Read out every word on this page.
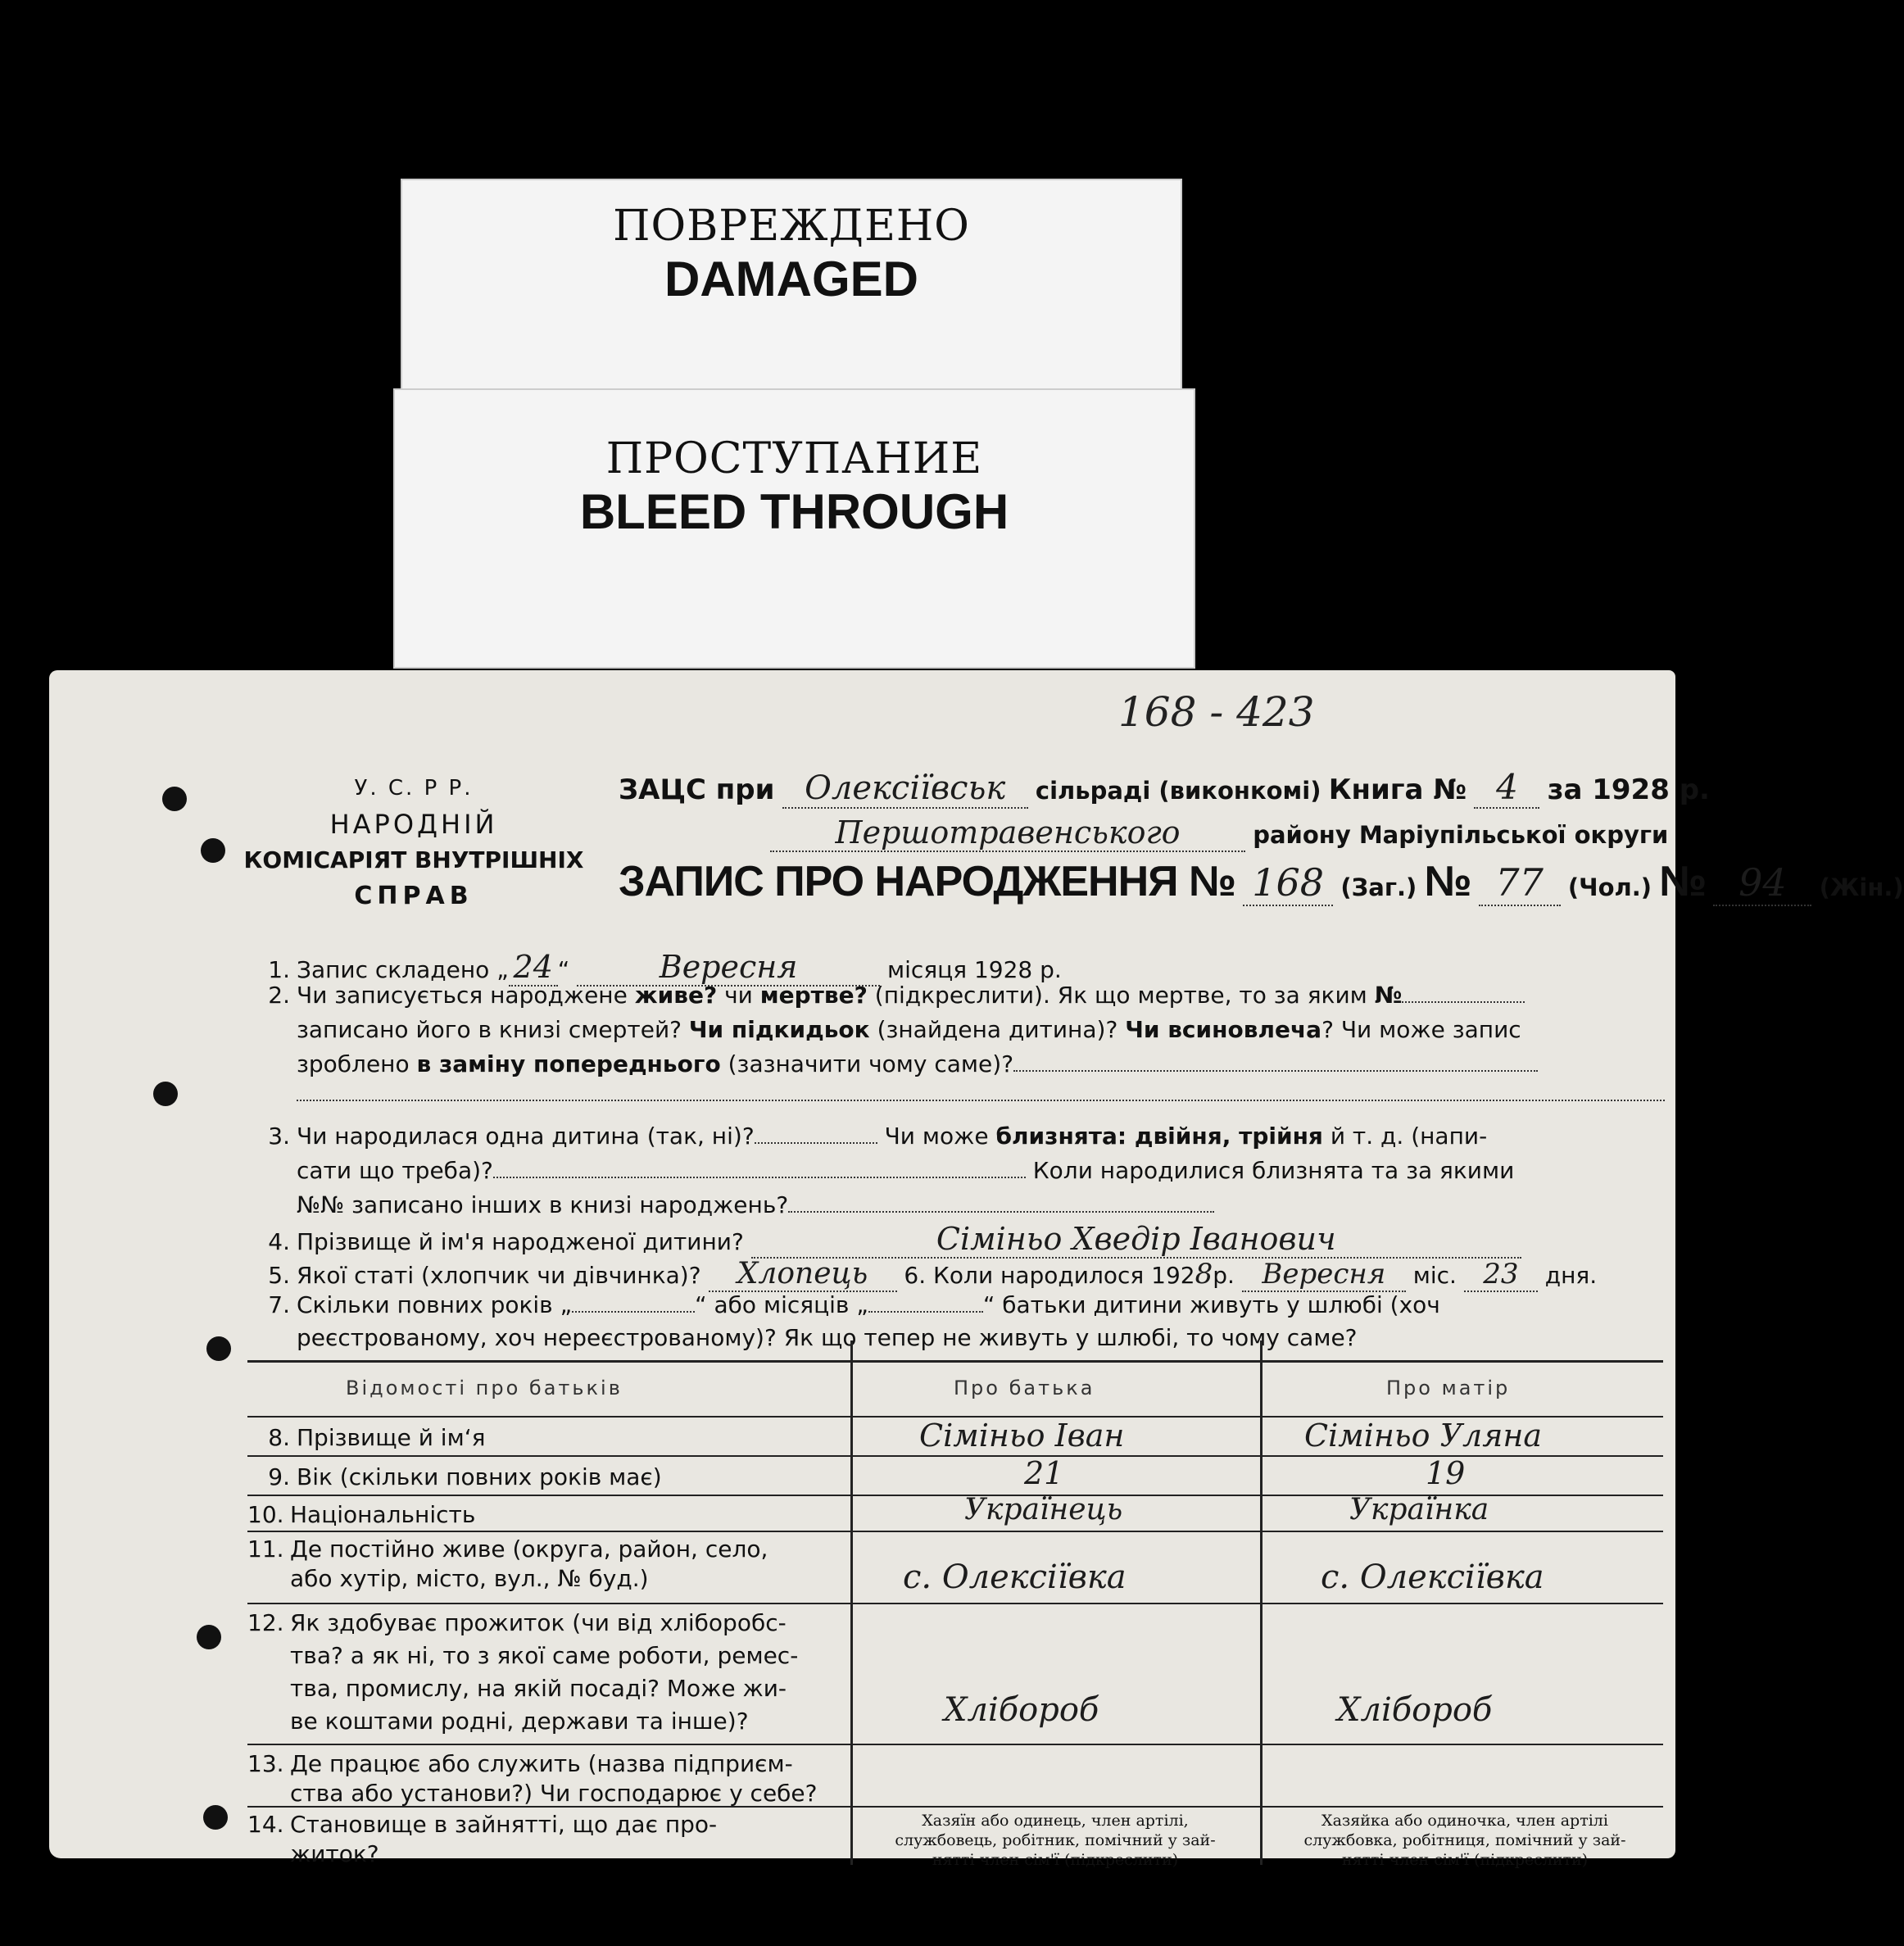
ПОВРЕЖДЕНО
DAMAGED
ПРОСТУПАНИЕ
BLEED THROUGH
168 - 423
У. С. Р Р.
НАРОДНІЙ
КОМІСАРІЯТ ВНУТРІШНІХ
СПРАВ
ЗАЦС при Олексіївськ сільраді (виконкомі) Книга № 4 за 1928 р.
Першотравенського	району Маріупільської округи
ЗАПИС ПРО НАРОДЖЕННЯ № 168 (Заг.) № 77 (Чол.) № 94 (Жін.)
1. Запис складено „ 24 “	Вересня	місяця 1928 р.
2. Чи записується народжене живе? чи мертве? (підкреслити). Як що мертве, то за яким №
записано його в книзі смертей? Чи підкидьок (знайдена дитина)? Чи всиновлеча? Чи може запис
зроблено в заміну попереднього (зазначити чому саме)?
3. Чи народилася одна дитина (так, ні)?	Чи може близнята: двійня, трійня й т. д. (напи-
сати що треба)?	Коли народилися близнята та за якими
№№ записано інших в книзі народжень?
4. Прізвище й ім'я народженої дитини?	Сіміньо Хведір Іванович
5. Якої статі (хлопчик чи дівчинка)? Хлопець 6. Коли народилося 1928р. Вересня міс. 23 дня.
7. Скільки повних років „	“ або місяців „	“ батьки дитини живуть у шлюбі (хоч
реєстрованому, хоч нереєстрованому)? Як що тепер не живуть у шлюбі, то чому саме?
Відомості про батьків	Про батька	Про матір
8. Прізвище й ім‘я	Сіміньо Іван	Сіміньо Уляна
9. Вік (скільки повних років має)	21	19
10. Національність	Українець	Українка
11. Де постійно живе (округа, район, село,
або хутір, місто, вул., № буд.)	с. Олексіївка	с. Олексіївка
12. Як здобуває прожиток (чи від хліборобс-
тва? а як ні, то з якої саме роботи, ремес-
тва, промислу, на якій посаді? Може жи-
ве коштами родні, держави та інше)?	Хлібороб	Хлібороб
13. Де працює або служить (назва підприєм-
ства або установи?) Чи господарює у себе?
14. Становище в зайнятті, що дає про-
житок?
Хазяїн або одинець, член артілі,
службовець, робітник, помічний у зай-
нятті член сім'ї (підкреслити)
Хазяйка або одиночка, член артілі
службовка, робітниця, помічний у зай-
нятті член сім'ї (підкреслити)
